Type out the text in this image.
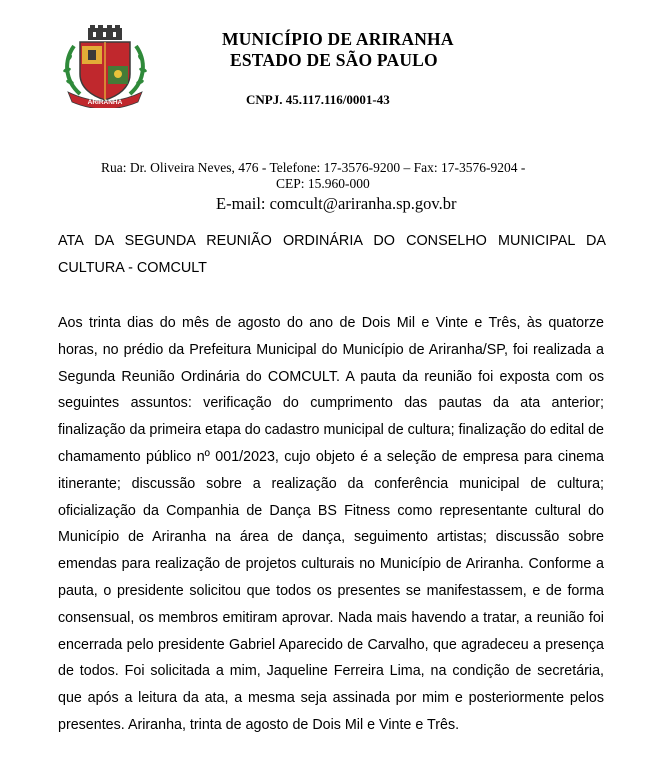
ARIRANHA
MUNICÍPIO DE ARIRANHA
ESTADO DE SÃO PAULO
CNPJ. 45.117.116/0001-43
Rua: Dr. Oliveira Neves, 476 - Telefone: 17-3576-9200 – Fax: 17-3576-9204 -
CEP: 15.960-000
E-mail: comcult@ariranha.sp.gov.br
ATA DA SEGUNDA REUNIÃO ORDINÁRIA DO CONSELHO MUNICIPAL DA CULTURA - COMCULT

Aos trinta dias do mês de agosto do ano de Dois Mil e Vinte e Três, às quatorze horas, no prédio da Prefeitura Municipal do Município de Ariranha/SP, foi realizada a Segunda Reunião Ordinária do COMCULT. A pauta da reunião foi exposta com os seguintes assuntos: verificação do cumprimento das pautas da ata anterior; finalização da primeira etapa do cadastro municipal de cultura; finalização do edital de chamamento público nº 001/2023, cujo objeto é a seleção de empresa para cinema itinerante; discussão sobre a realização da conferência municipal de cultura; oficialização da Companhia de Dança BS Fitness como representante cultural do Município de Ariranha na área de dança, seguimento artistas; discussão sobre emendas para realização de projetos culturais no Município de Ariranha. Conforme a pauta, o presidente solicitou que todos os presentes se manifestassem, e de forma consensual, os membros emitiram aprovar. Nada mais havendo a tratar, a reunião foi encerrada pelo presidente Gabriel Aparecido de Carvalho, que agradeceu a presença de todos. Foi solicitada a mim, Jaqueline Ferreira Lima, na condição de secretária, que após a leitura da ata, a mesma seja assinada por mim e posteriormente pelos presentes. Ariranha, trinta de agosto de Dois Mil e Vinte e Três.
